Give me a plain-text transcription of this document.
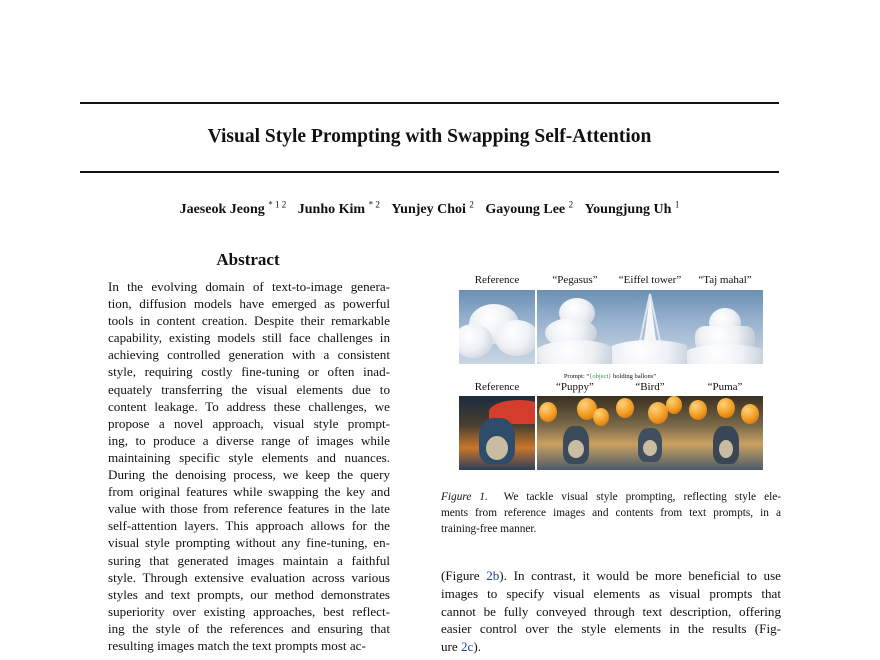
Visual Style Prompting with Swapping Self-Attention
Jaeseok Jeong $^{* 1 2}$ Junho Kim $^{* 2}$ Yunjey Choi $^2$ Gayoung Lee $^2$ Youngjung Uh $^1$
Abstract
In the evolving domain of text-to-image genera-
tion, diffusion models have emerged as powerful
tools in content creation. Despite their remarkable
capability, existing models still face challenges in
achieving controlled generation with a consistent
style, requiring costly fine-tuning or often inad-
equately transferring the visual elements due to
content leakage. To address these challenges, we
propose a novel approach, visual style prompt-
ing, to produce a diverse range of images while
maintaining specific style elements and nuances.
During the denoising process, we keep the query
from original features while swapping the key and
value with those from reference features in the late
self-attention layers. This approach allows for the
visual style prompting without any fine-tuning, en-
suring that generated images maintain a faithful
style. Through extensive evaluation across various
styles and text prompts, our method demonstrates
superiority over existing approaches, best reflect-
ing the style of the references and ensuring that
resulting images match the text prompts most ac-
Reference	“Pegasus”	“Eiffel tower”	“Taj mahal”
Prompt: “{object} holding ballons”
Reference	“Puppy”	“Bird”	“Puma”
Figure 1. We tackle visual style prompting, reflecting style ele-
ments from reference images and contents from text prompts, in a
training-free manner.
(Figure 2b). In contrast, it would be more beneficial to use
images to specify visual elements as visual prompts that
cannot be fully conveyed through text description, offering
easier control over the style elements in the results (Fig-
ure 2c).
